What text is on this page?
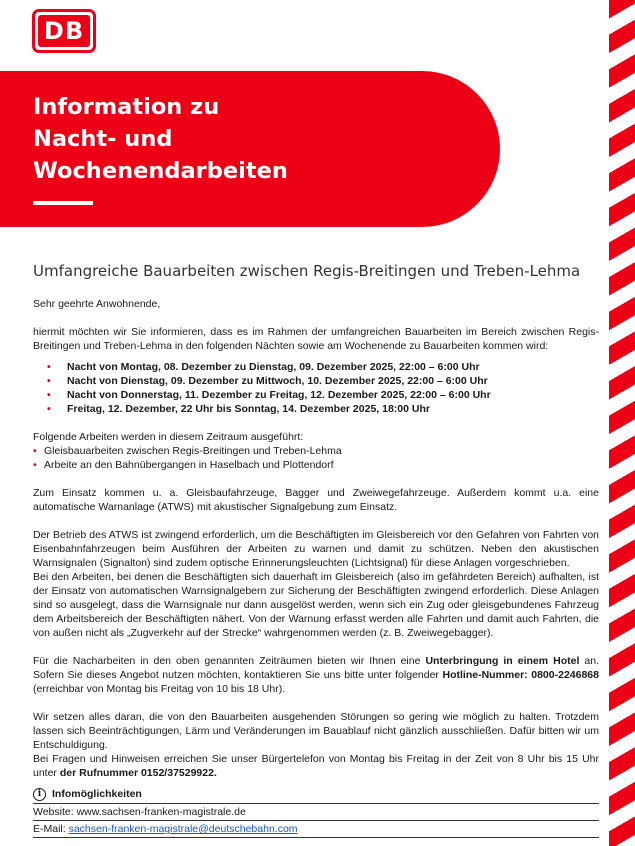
DB
Information zu
Nacht- und
Wochenendarbeiten
Umfangreiche Bauarbeiten zwischen Regis-Breitingen und Treben-Lehma

Sehr geehrte Anwohnende,

hiermit möchten wir Sie informieren, dass es im Rahmen der umfangreichen Bauarbeiten im Bereich zwischen Regis-Breitingen und Treben-Lehma in den folgenden Nächten sowie am Wochenende zu Bauarbeiten kommen wird:

• Nacht von Montag, 08. Dezember zu Dienstag, 09. Dezember 2025, 22:00 – 6:00 Uhr
• Nacht von Dienstag, 09. Dezember zu Mittwoch, 10. Dezember 2025, 22:00 – 6:00 Uhr
• Nacht von Donnerstag, 11. Dezember zu Freitag, 12. Dezember 2025, 22:00 – 6:00 Uhr
• Freitag, 12. Dezember, 22 Uhr bis Sonntag, 14. Dezember 2025, 18:00 Uhr

Folgende Arbeiten werden in diesem Zeitraum ausgeführt:

• Gleisbauarbeiten zwischen Regis-Breitingen und Treben-Lehma
• Arbeite an den Bahnübergangen in Haselbach und Plottendorf

Zum Einsatz kommen u. a. Gleisbaufahrzeuge, Bagger und Zweiwegefahrzeuge. Außerdem kommt u.a. eine automatische Warnanlage (ATWS) mit akustischer Signalgebung zum Einsatz.

Der Betrieb des ATWS ist zwingend erforderlich, um die Beschäftigten im Gleisbereich vor den Gefahren von Fahrten von Eisenbahnfahrzeugen beim Ausführen der Arbeiten zu warnen und damit zu schützen. Neben den akustischen Warnsignalen (Signalton) sind zudem optische Erinnerungsleuchten (Lichtsignal) für diese Anlagen vorgeschrieben.

Bei den Arbeiten, bei denen die Beschäftigten sich dauerhaft im Gleisbereich (also im gefährdeten Bereich) aufhalten, ist der Einsatz von automatischen Warnsignalgebern zur Sicherung der Beschäftigten zwingend erforderlich. Diese Anlagen sind so ausgelegt, dass die Warnsignale nur dann ausgelöst werden, wenn sich ein Zug oder gleisgebundenes Fahrzeug dem Arbeitsbereich der Beschäftigten nähert. Von der Warnung erfasst werden alle Fahrten und damit auch Fahrten, die von außen nicht als „Zugverkehr auf der Strecke“ wahrgenommen werden (z. B. Zweiwegebagger).

Für die Nacharbeiten in den oben genannten Zeiträumen bieten wir Ihnen eine Unterbringung in einem Hotel an. Sofern Sie dieses Angebot nutzen möchten, kontaktieren Sie uns bitte unter folgender Hotline-Nummer: 0800-2246868 (erreichbar von Montag bis Freitag von 10 bis 18 Uhr).

Wir setzen alles daran, die von den Bauarbeiten ausgehenden Störungen so gering wie möglich zu halten. Trotzdem lassen sich Beeinträchtigungen, Lärm und Veränderungen im Bauablauf nicht gänzlich ausschließen. Dafür bitten wir um Entschuldigung.

Bei Fragen und Hinweisen erreichen Sie unser Bürgertelefon von Montag bis Freitag in der Zeit von 8 Uhr bis 15 Uhr unter der Rufnummer 0152/37529922.

i	Infomöglichkeiten
Website: www.sachsen-franken-magistrale.de
E-Mail: sachsen-franken-magistrale@deutschebahn.com
